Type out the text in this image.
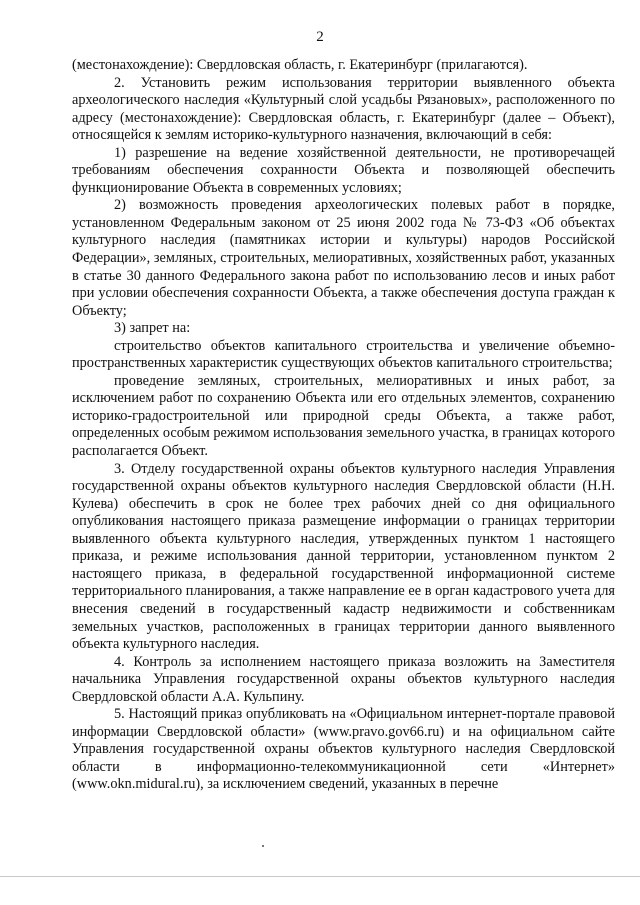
2

(местонахождение): Свердловская область, г. Екатеринбург (прилагаются).

2. Установить режим использования территории выявленного объекта археологического наследия «Культурный слой усадьбы Рязановых», расположенного по адресу (местонахождение): Свердловская область, г. Екатеринбург (далее – Объект), относящейся к землям историко-культурного назначения, включающий в себя:

1) разрешение на ведение хозяйственной деятельности, не противоречащей требованиям обеспечения сохранности Объекта и позволяющей обеспечить функционирование Объекта в современных условиях;

2) возможность проведения археологических полевых работ в порядке, установленном Федеральным законом от 25 июня 2002 года № 73-ФЗ «Об объектах культурного наследия (памятниках истории и культуры) народов Российской Федерации», земляных, строительных, мелиоративных, хозяйственных работ, указанных в статье 30 данного Федерального закона работ по использованию лесов и иных работ при условии обеспечения сохранности Объекта, а также обеспечения доступа граждан к Объекту;

3) запрет на:

строительство объектов капитального строительства и увеличение объемно-пространственных характеристик существующих объектов капитального строительства;

проведение земляных, строительных, мелиоративных и иных работ, за исключением работ по сохранению Объекта или его отдельных элементов, сохранению историко-градостроительной или природной среды Объекта, а также работ, определенных особым режимом использования земельного участка, в границах которого располагается Объект.

3. Отделу государственной охраны объектов культурного наследия Управления государственной охраны объектов культурного наследия Свердловской области (Н.Н. Кулева) обеспечить в срок не более трех рабочих дней со дня официального опубликования настоящего приказа размещение информации о границах территории выявленного объекта культурного наследия, утвержденных пунктом 1 настоящего приказа, и режиме использования данной территории, установленном пунктом 2 настоящего приказа, в федеральной государственной информационной системе территориального планирования, а также направление ее в орган кадастрового учета для внесения сведений в государственный кадастр недвижимости и собственникам земельных участков, расположенных в границах территории данного выявленного объекта культурного наследия.

4. Контроль за исполнением настоящего приказа возложить на Заместителя начальника Управления государственной охраны объектов культурного наследия Свердловской области А.А. Кульпину.

5. Настоящий приказ опубликовать на «Официальном интернет-портале правовой информации Свердловской области» (www.pravo.gov66.ru) и на официальном сайте Управления государственной охраны объектов культурного наследия Свердловской области в информационно-телекоммуникационной сети «Интернет» (www.okn.midural.ru), за исключением сведений, указанных в перечне
